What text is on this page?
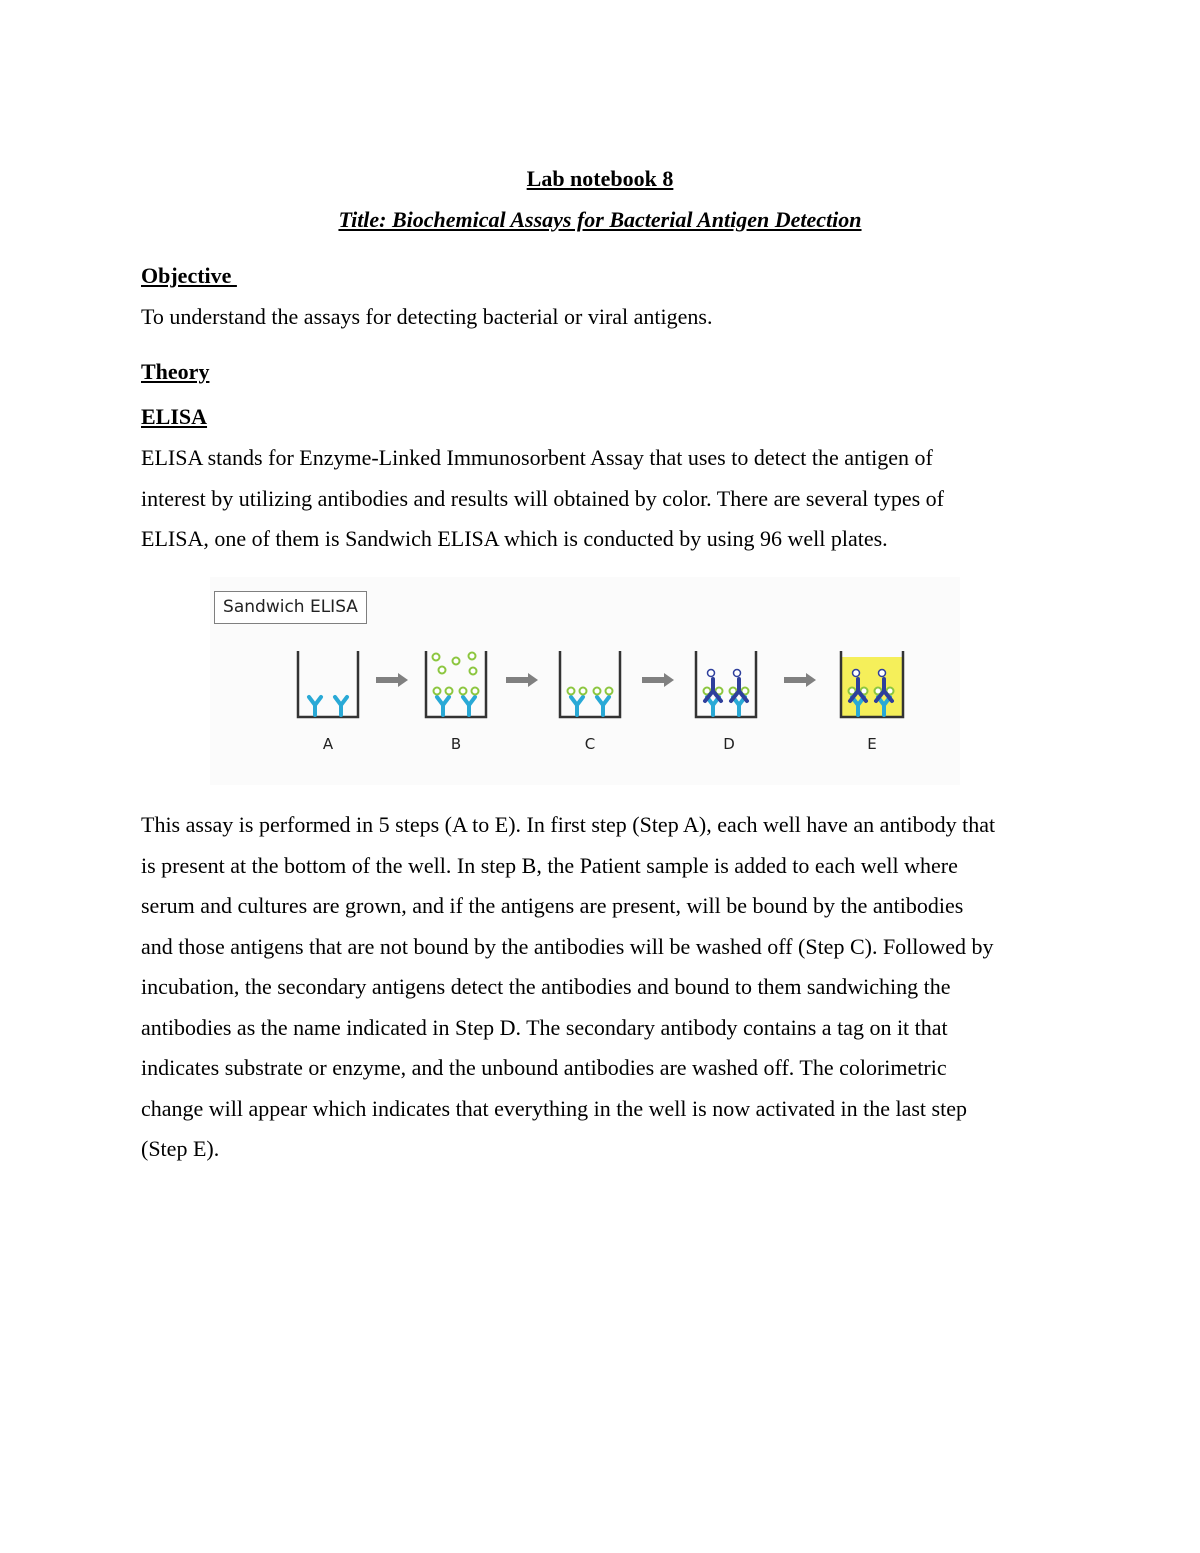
Lab notebook 8
Title: Biochemical Assays for Bacterial Antigen Detection
Objective
To understand the assays for detecting bacterial or viral antigens.
Theory
ELISA
ELISA stands for Enzyme-Linked Immunosorbent Assay that uses to detect the antigen of
interest by utilizing antibodies and results will obtained by color. There are several types of
ELISA, one of them is Sandwich ELISA which is conducted by using 96 well plates.
Sandwich ELISA
A	B	C	D	E
This assay is performed in 5 steps (A to E). In first step (Step A), each well have an antibody that
is present at the bottom of the well. In step B, the Patient sample is added to each well where
serum and cultures are grown, and if the antigens are present, will be bound by the antibodies
and those antigens that are not bound by the antibodies will be washed off (Step C). Followed by
incubation, the secondary antigens detect the antibodies and bound to them sandwiching the
antibodies as the name indicated in Step D. The secondary antibody contains a tag on it that
indicates substrate or enzyme, and the unbound antibodies are washed off. The colorimetric
change will appear which indicates that everything in the well is now activated in the last step
(Step E).
